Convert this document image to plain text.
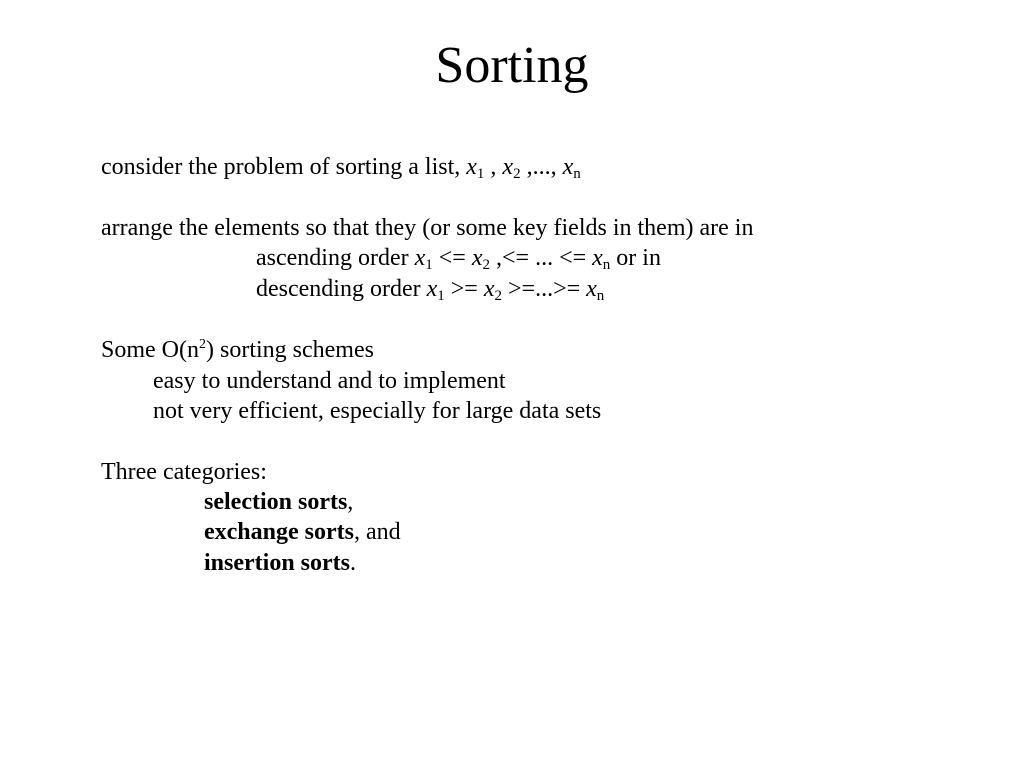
Sorting
consider the problem of sorting a list, x1 , x2 ,..., xn
arrange the elements so that they (or some key fields in them) are in
ascending order x1 <= x2 ,<= ... <= xn or in
descending order x1 >= x2 >=...>= xn
Some $O(n^2)$ sorting schemes
easy to understand and to implement
not very efficient, especially for large data sets
Three categories:
selection sorts,
exchange sorts, and
insertion sorts.
